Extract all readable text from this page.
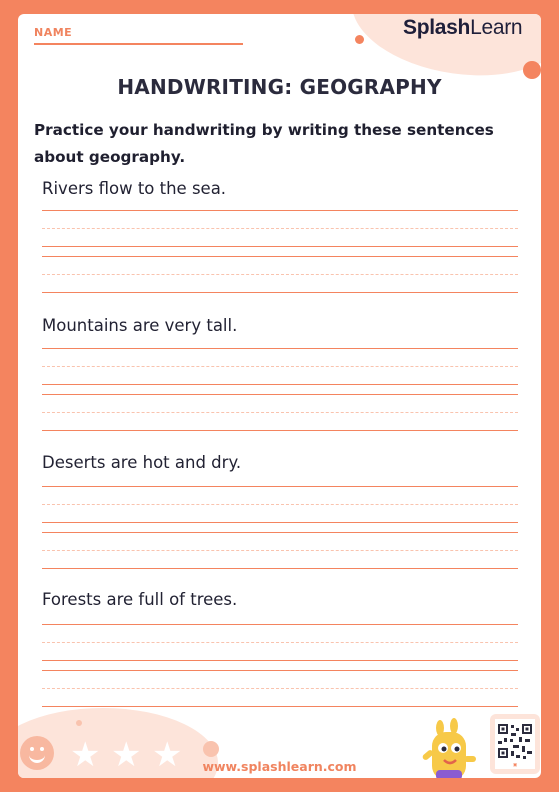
NAME	SplashLearn
HANDWRITING: GEOGRAPHY
Practice your handwriting by writing these sentences about geography.
Rivers flow to the sea.
Mountains are very tall.
Deserts are hot and dry.
Forests are full of trees.
★ ★ ★	www.splashlearn.com	▣
